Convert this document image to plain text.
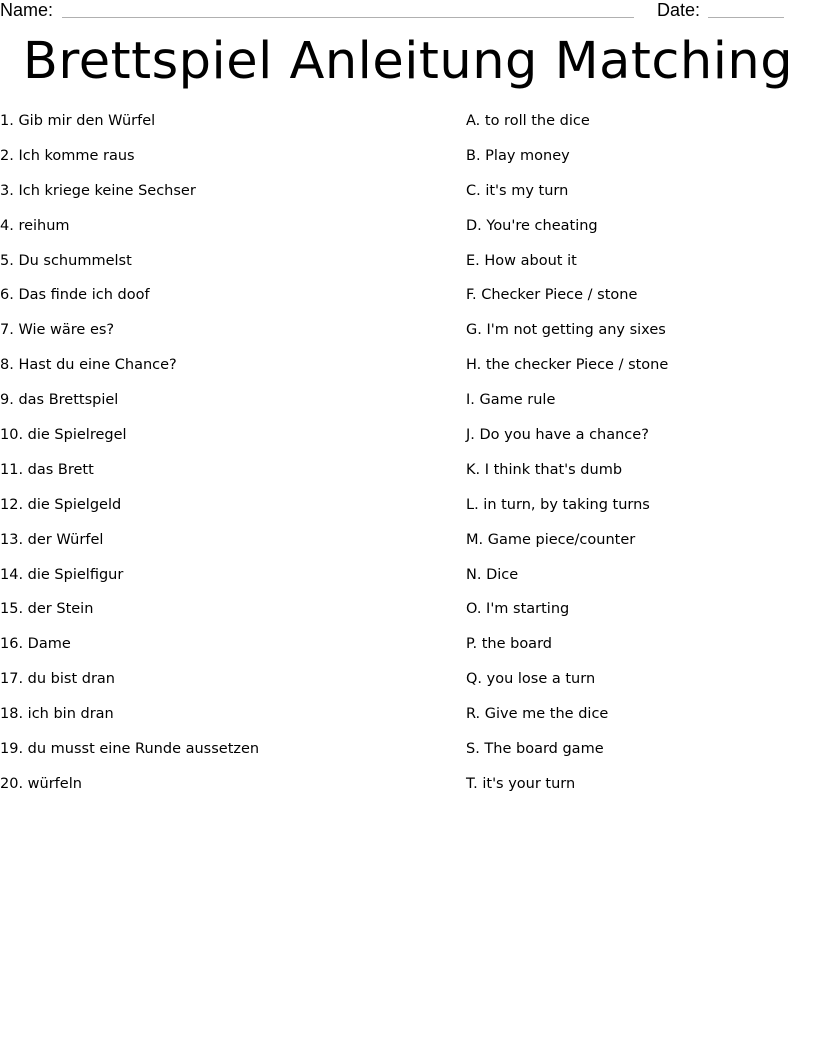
Name:	Date:
Brettspiel Anleitung Matching
1. Gib mir den Würfel
2. Ich komme raus
3. Ich kriege keine Sechser
4. reihum
5. Du schummelst
6. Das finde ich doof
7. Wie wäre es?
8. Hast du eine Chance?
9. das Brettspiel
10. die Spielregel
11. das Brett
12. die Spielgeld
13. der Würfel
14. die Spielfigur
15. der Stein
16. Dame
17. du bist dran
18. ich bin dran
19. du musst eine Runde aussetzen
20. würfeln
A. to roll the dice
B. Play money
C. it's my turn
D. You're cheating
E. How about it
F. Checker Piece / stone
G. I'm not getting any sixes
H. the checker Piece / stone
I. Game rule
J. Do you have a chance?
K. I think that's dumb
L. in turn, by taking turns
M. Game piece/counter
N. Dice
O. I'm starting
P. the board
Q. you lose a turn
R. Give me the dice
S. The board game
T. it's your turn
